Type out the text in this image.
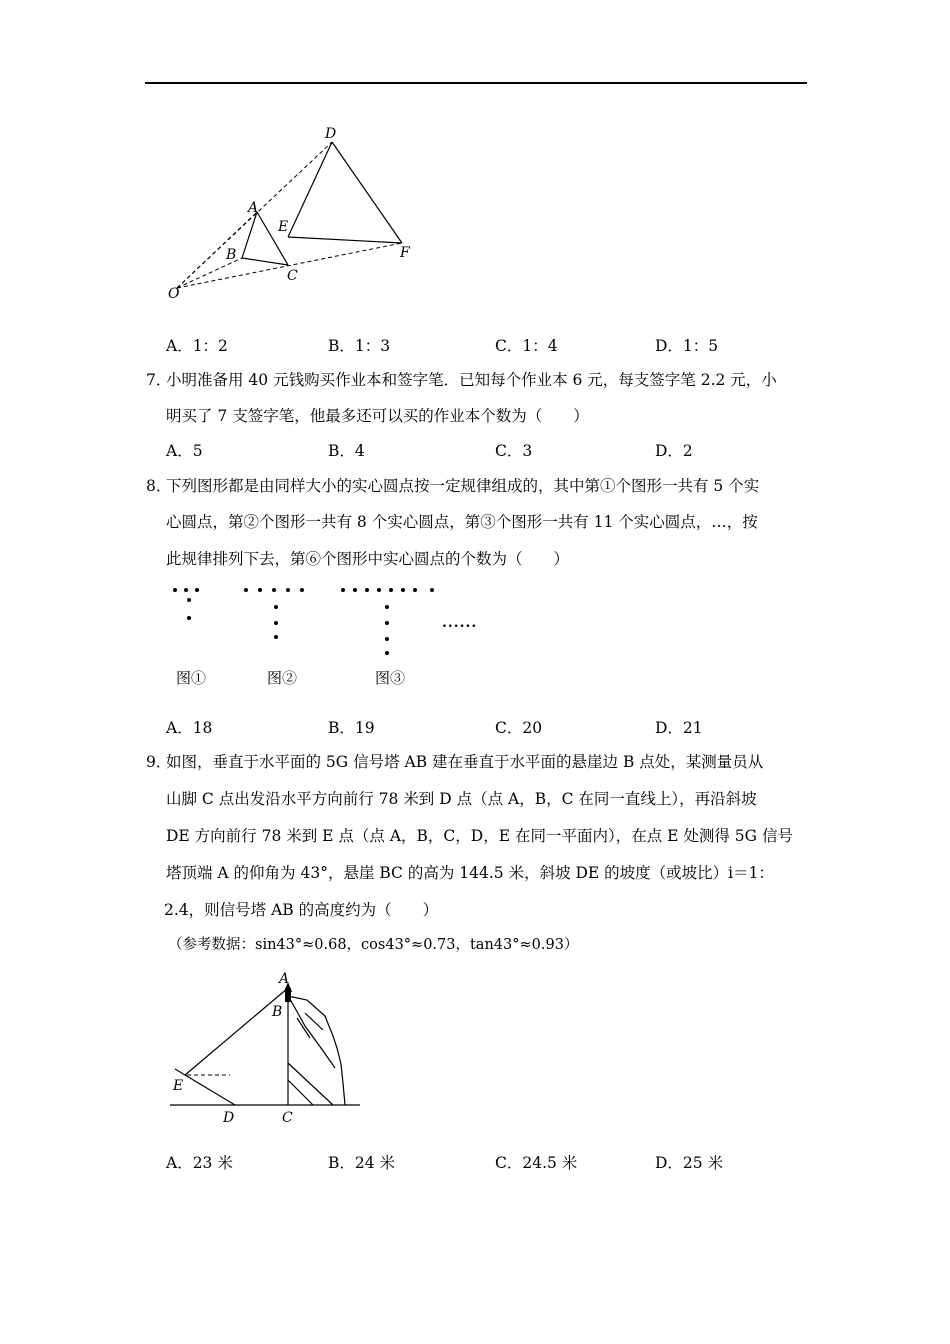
D
A
E
B	F
C
O
A．1：2	B．1：3	C．1：4	D．1：5
7．
小明准备用 40 元钱购买作业本和签字笔．已知每个作业本 6 元，每支签字笔 2.2 元，小
明买了 7 支签字笔，他最多还可以买的作业本个数为（　　）
A．5	B．4	C．3	D．2
8．
下列图形都是由同样大小的实心圆点按一定规律组成的，其中第①个图形一共有 5 个实
心圆点，第②个图形一共有 8 个实心圆点，第③个图形一共有 11 个实心圆点，…，按
此规律排列下去，第⑥个图形中实心圆点的个数为（　　）
......
图①	图②	图③
A．18	B．19	C．20	D．21
9．
如图，垂直于水平面的 5G 信号塔 AB 建在垂直于水平面的悬崖边 B 点处，某测量员从
山脚 C 点出发沿水平方向前行 78 米到 D 点（点 A，B，C 在同一直线上），再沿斜坡
DE 方向前行 78 米到 E 点（点 A，B，C，D，E 在同一平面内），在点 E 处测得 5G 信号
塔顶端 A 的仰角为 43°，悬崖 BC 的高为 144.5 米，斜坡 DE 的坡度（或坡比）i＝1：
2.4，则信号塔 AB 的高度约为（　　）
（参考数据：sin43°≈0.68，cos43°≈0.73，tan43°≈0.93）
A
B
E
D	C
A．23 米	B．24 米	C．24.5 米	D．25 米
